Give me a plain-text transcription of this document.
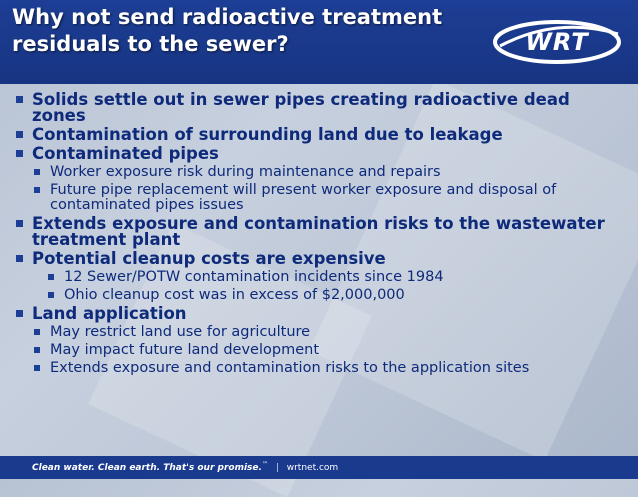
Why not send radioactive treatment residuals to the sewer?	WRT
Solids settle out in sewer pipes creating radioactive dead zones
Contamination of surrounding land due to leakage
Contaminated pipes
Worker exposure risk during maintenance and repairs
Future pipe replacement will present worker exposure and disposal of contaminated pipes issues
Extends exposure and contamination risks to the wastewater treatment plant
Potential cleanup costs are expensive
12 Sewer/POTW contamination incidents since 1984
Ohio cleanup cost was in excess of $2,000,000
Land application
May restrict land use for agriculture
May impact future land development
Extends exposure and contamination risks to the application sites
Clean water. Clean earth. That's our promise.™ | wrtnet.com
